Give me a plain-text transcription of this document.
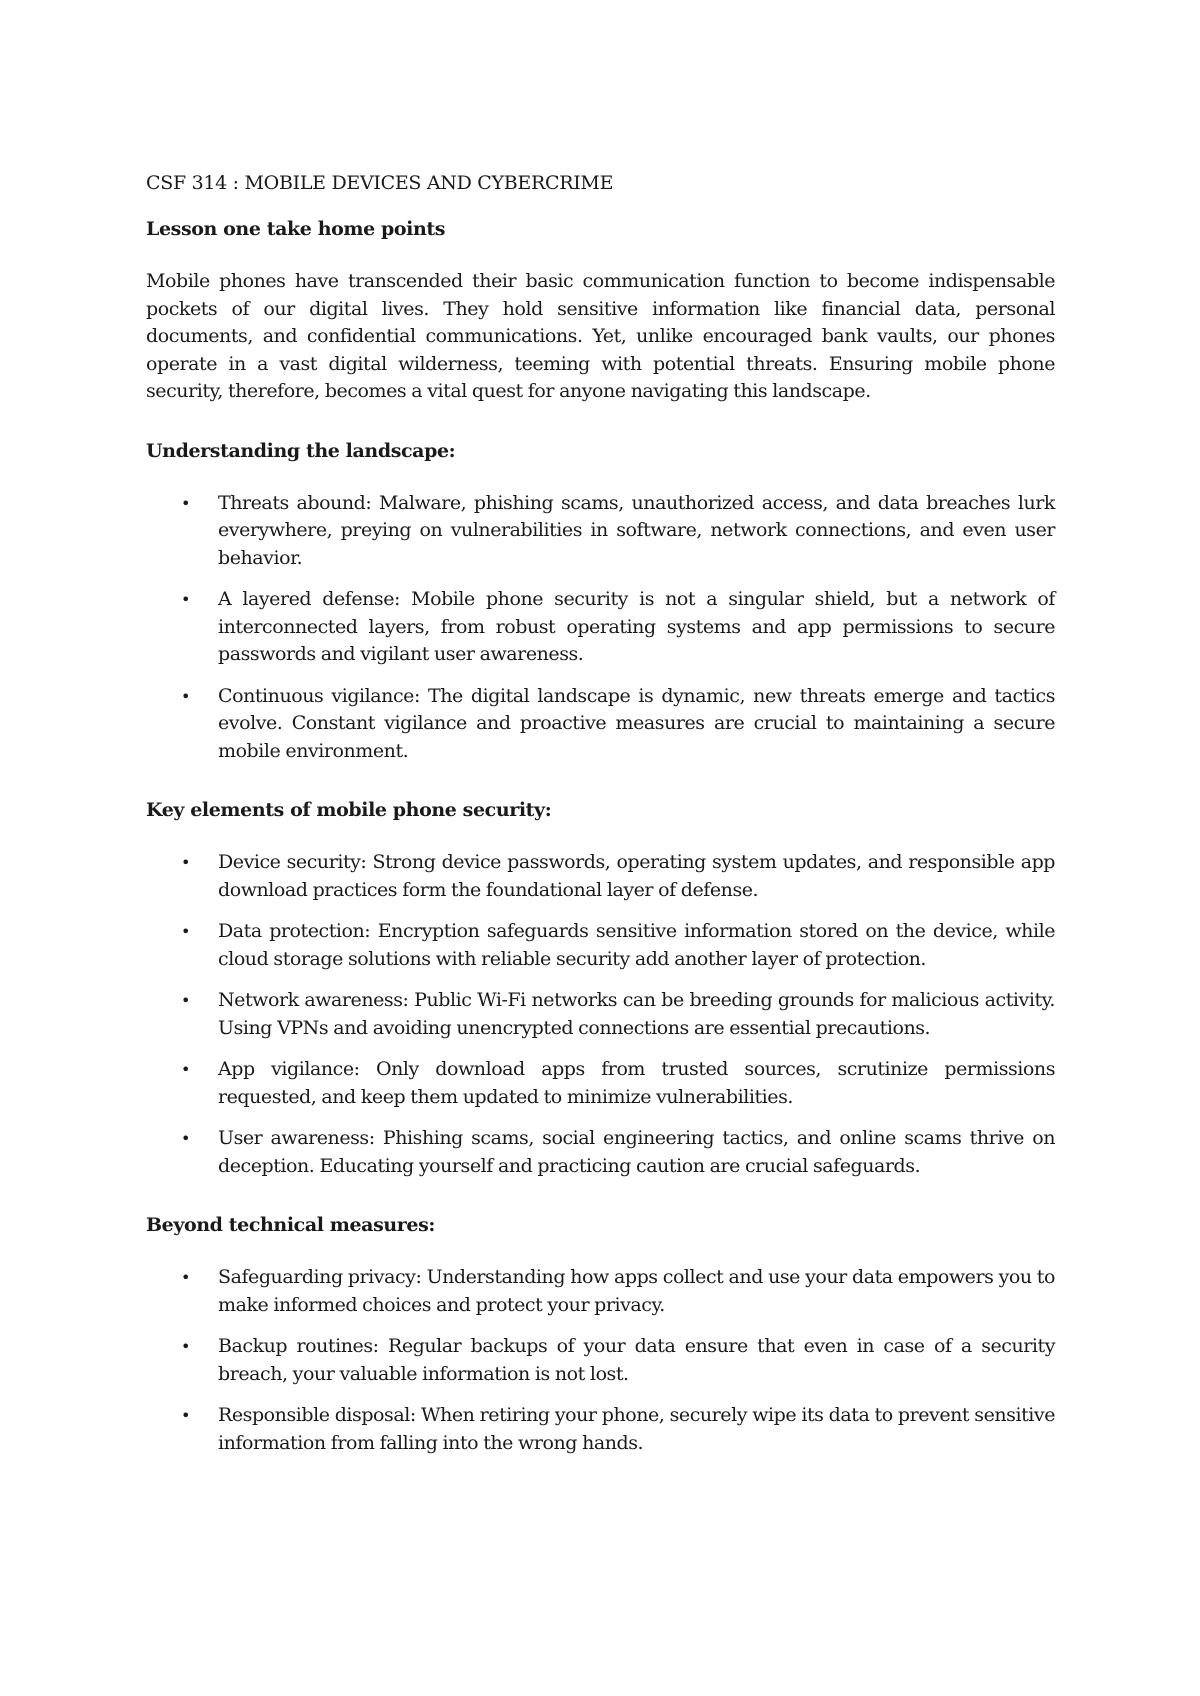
CSF 314 : MOBILE DEVICES AND CYBERCRIME
Lesson one take home points

Mobile phones have transcended their basic communication function to become indispensable pockets of our digital lives. They hold sensitive information like financial data, personal documents, and confidential communications. Yet, unlike encouraged bank vaults, our phones operate in a vast digital wilderness, teeming with potential threats. Ensuring mobile phone security, therefore, becomes a vital quest for anyone navigating this landscape.

Understanding the landscape:
• Threats abound: Malware, phishing scams, unauthorized access, and data breaches lurk everywhere, preying on vulnerabilities in software, network connections, and even user behavior.
• A layered defense: Mobile phone security is not a singular shield, but a network of interconnected layers, from robust operating systems and app permissions to secure passwords and vigilant user awareness.
• Continuous vigilance: The digital landscape is dynamic, new threats emerge and tactics evolve. Constant vigilance and proactive measures are crucial to maintaining a secure mobile environment.
Key elements of mobile phone security:
• Device security: Strong device passwords, operating system updates, and responsible app download practices form the foundational layer of defense.
• Data protection: Encryption safeguards sensitive information stored on the device, while cloud storage solutions with reliable security add another layer of protection.
• Network awareness: Public Wi-Fi networks can be breeding grounds for malicious activity. Using VPNs and avoiding unencrypted connections are essential precautions.
• App vigilance: Only download apps from trusted sources, scrutinize permissions requested, and keep them updated to minimize vulnerabilities.
• User awareness: Phishing scams, social engineering tactics, and online scams thrive on deception. Educating yourself and practicing caution are crucial safeguards.
Beyond technical measures:
• Safeguarding privacy: Understanding how apps collect and use your data empowers you to make informed choices and protect your privacy.
• Backup routines: Regular backups of your data ensure that even in case of a security breach, your valuable information is not lost.
• Responsible disposal: When retiring your phone, securely wipe its data to prevent sensitive information from falling into the wrong hands.
